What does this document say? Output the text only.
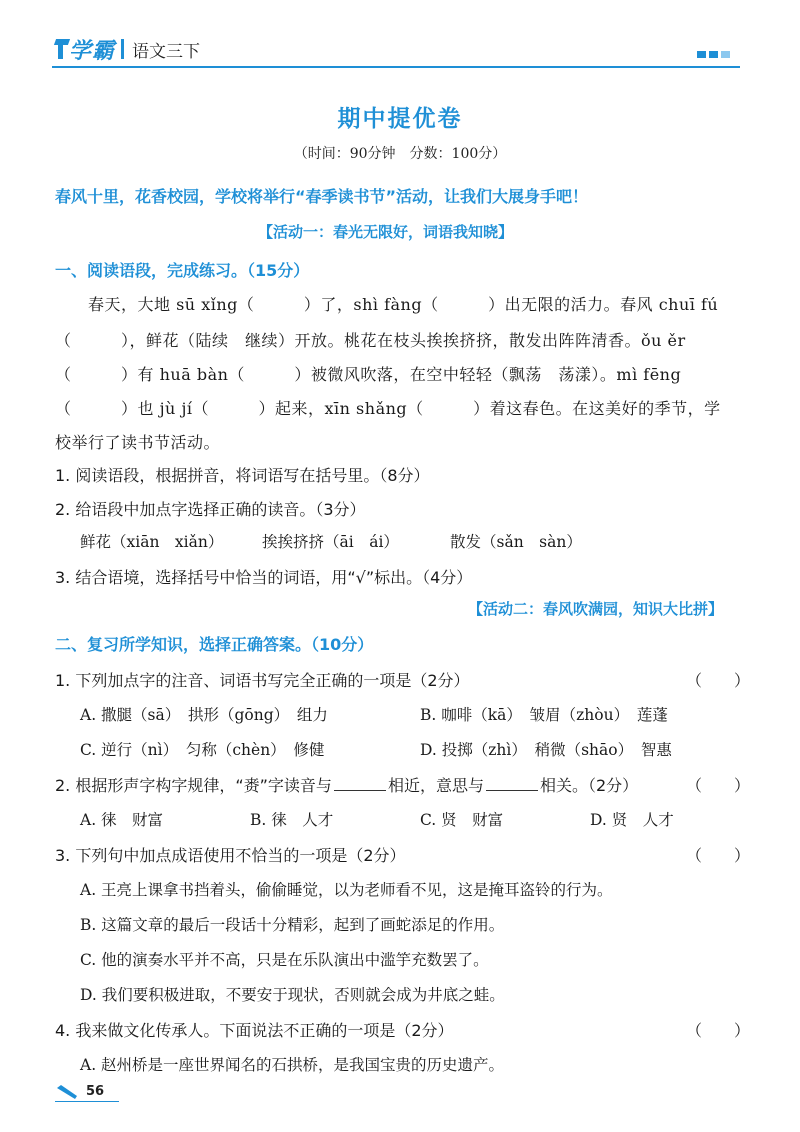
学霸 语文三下
期中提优卷
（时间：90分钟　分数：100分）
春风十里，花香校园，学校将举行“春季读书节”活动，让我们大展身手吧！
【活动一：春光无限好，词语我知晓】
一、阅读语段，完成练习。（15分）
春天，大地 sū xǐng（　　　）了，shì fàng（　　　）出无限的活力。春风 chuī fú
（　　　），鲜花（陆续　继续）开放。桃花在枝头挨挨挤挤，散发出阵阵清香。ǒu ěr
（　　　）有 huā bàn（　　　）被微风吹落，在空中轻轻（飘荡　荡漾）。mì fēng
（　　　）也 jù jí（　　　）起来，xīn shǎng（　　　）着这春色。在这美好的季节，学
校举行了读书节活动。
1. 阅读语段，根据拼音，将词语写在括号里。（8分）
2. 给语段中加点字选择正确的读音。（3分）
鲜花（xiān　xiǎn） 挨挨挤挤（āi　ái）	散发（sǎn　sàn）
3. 结合语境，选择括号中恰当的词语，用“√”标出。（4分）
【活动二：春风吹满园，知识大比拼】
二、复习所学知识，选择正确答案。（10分）
1. 下列加点字的注音、词语书写完全正确的一项是（2分）	（　　）
A. 撒腿（sā）　拱形（gōng）　组力	B. 咖啡（kā）　皱眉（zhòu）　莲蓬
C. 逆行（nì）　匀称（chèn）　修健	D. 投掷（zhì）　稍微（shāo）　智惠
2. 根据形声字构字规律，“赉”字读音与	相近，意思与	相关。（2分）	（　　）
A. 徕　财富	B. 徕　人才	C. 贤　财富	D. 贤　人才
3. 下列句中加点成语使用不恰当的一项是（2分）	（　　）
A. 王亮上课拿书挡着头，偷偷睡觉，以为老师看不见，这是掩耳盗铃的行为。
B. 这篇文章的最后一段话十分精彩，起到了画蛇添足的作用。
C. 他的演奏水平并不高，只是在乐队演出中滥竽充数罢了。
D. 我们要积极进取，不要安于现状，否则就会成为井底之蛙。
4. 我来做文化传承人。下面说法不正确的一项是（2分）	（　　）
A. 赵州桥是一座世界闻名的石拱桥，是我国宝贵的历史遗产。
56
